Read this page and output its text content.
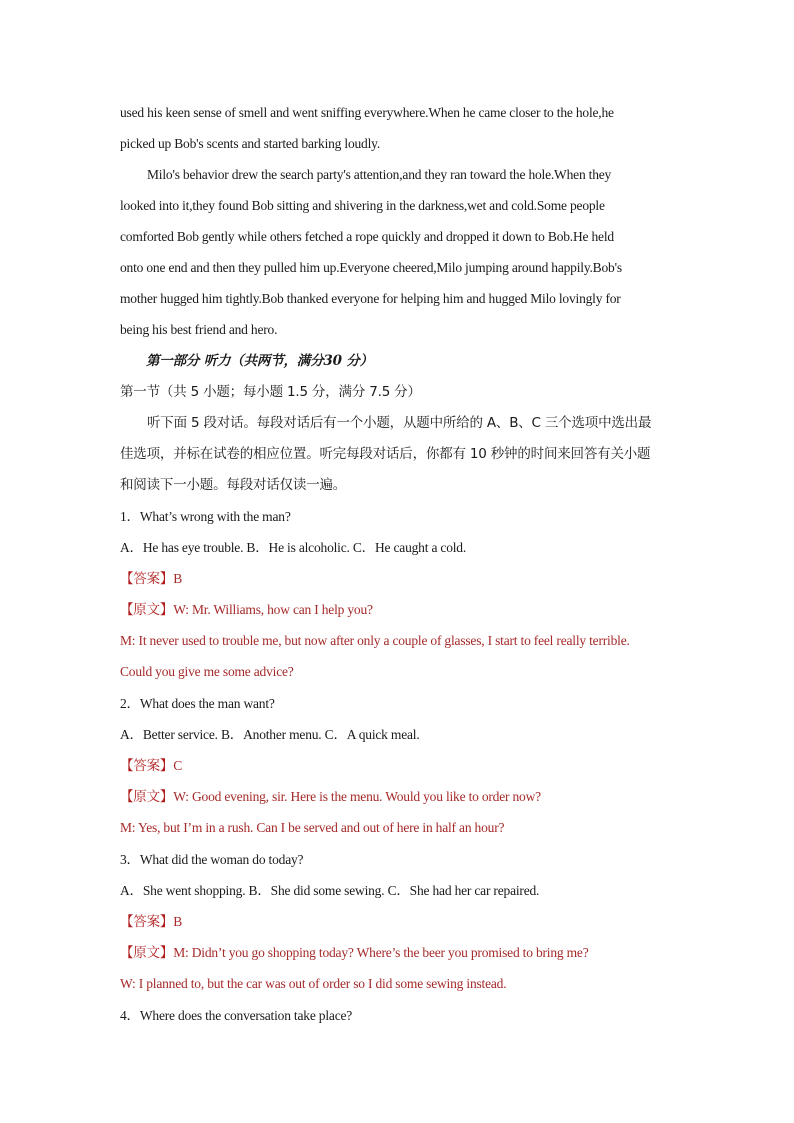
used his keen sense of smell and went sniffing everywhere.When he came closer to the hole,he
picked up Bob's scents and started barking loudly.
Milo's behavior drew the search party's attention,and they ran toward the hole.When they
looked into it,they found Bob sitting and shivering in the darkness,wet and cold.Some people
comforted Bob gently while others fetched a rope quickly and dropped it down to Bob.He held
onto one end and then they pulled him up.Everyone cheered,Milo jumping around happily.Bob's
mother hugged him tightly.Bob thanked everyone for helping him and hugged Milo lovingly for
being his best friend and hero.
第一部分 听力（共两节，满分30 分）
第一节（共 5 小题；每小题 1.5 分，满分 7.5 分）
听下面 5 段对话。每段对话后有一个小题，从题中所给的 A、B、C 三个选项中选出最
佳选项，并标在试卷的相应位置。听完每段对话后，你都有 10 秒钟的时间来回答有关小题
和阅读下一小题。每段对话仅读一遍。
1．What’s wrong with the man?
A．He has eye trouble. B．He is alcoholic. C．He caught a cold.
【答案】B
【原文】W: Mr. Williams, how can I help you?
M: It never used to trouble me, but now after only a couple of glasses, I start to feel really terrible.
Could you give me some advice?
2．What does the man want?
A．Better service. B．Another menu. C．A quick meal.
【答案】C
【原文】W: Good evening, sir. Here is the menu. Would you like to order now?
M: Yes, but I’m in a rush. Can I be served and out of here in half an hour?
3．What did the woman do today?
A．She went shopping. B．She did some sewing. C．She had her car repaired.
【答案】B
【原文】M: Didn’t you go shopping today? Where’s the beer you promised to bring me?
W: I planned to, but the car was out of order so I did some sewing instead.
4．Where does the conversation take place?
